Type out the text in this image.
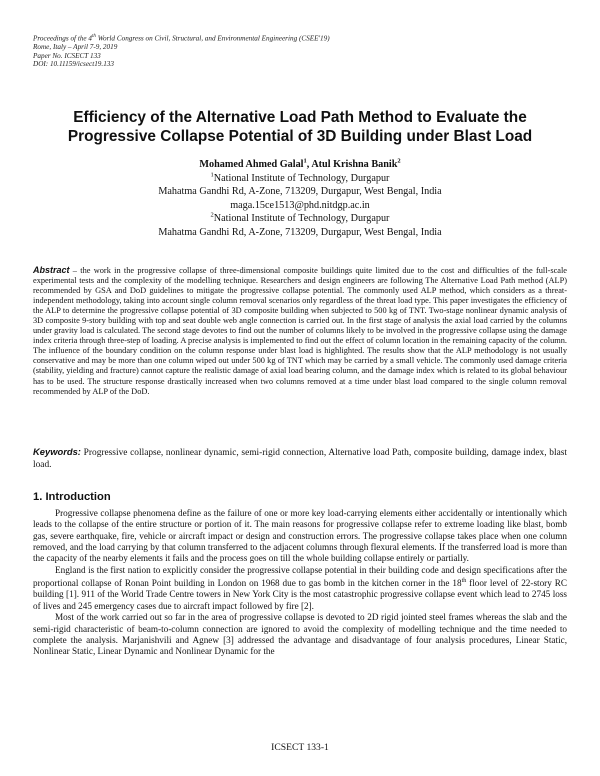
Proceedings of the 4th World Congress on Civil, Structural, and Environmental Engineering (CSEE'19)
Rome, Italy – April 7-9, 2019
Paper No. ICSECT 133
DOI: 10.11159/icsect19.133
Efficiency of the Alternative Load Path Method to Evaluate the
Progressive Collapse Potential of 3D Building under Blast Load
Mohamed Ahmed Galal$^1$, Atul Krishna Banik$^2$
$^1$National Institute of Technology, Durgapur
Mahatma Gandhi Rd, A-Zone, 713209, Durgapur, West Bengal, India
maga.15ce1513@phd.nitdgp.ac.in
$^2$National Institute of Technology, Durgapur
Mahatma Gandhi Rd, A-Zone, 713209, Durgapur, West Bengal, India
Abstract – the work in the progressive collapse of three-dimensional composite buildings quite limited due to the cost and difficulties of the full-scale experimental tests and the complexity of the modelling technique. Researchers and design engineers are following The Alternative Load Path method (ALP) recommended by GSA and DoD guidelines to mitigate the progressive collapse potential. The commonly used ALP method, which considers as a threat-independent methodology, taking into account single column removal scenarios only regardless of the threat load type. This paper investigates the efficiency of the ALP to determine the progressive collapse potential of 3D composite building when subjected to 500 kg of TNT. Two-stage nonlinear dynamic analysis of 3D composite 9-story building with top and seat double web angle connection is carried out. In the first stage of analysis the axial load carried by the columns under gravity load is calculated. The second stage devotes to find out the number of columns likely to be involved in the progressive collapse using the damage index criteria through three-step of loading. A precise analysis is implemented to find out the effect of column location in the remaining capacity of the column. The influence of the boundary condition on the column response under blast load is highlighted. The results show that the ALP methodology is not usually conservative and may be more than one column wiped out under 500 kg of TNT which may be carried by a small vehicle. The commonly used damage criteria (stability, yielding and fracture) cannot capture the realistic damage of axial load bearing column, and the damage index which is related to its global behaviour has to be used. The structure response drastically increased when two columns removed at a time under blast load compared to the single column removal recommended by ALP of the DoD.
Keywords: Progressive collapse, nonlinear dynamic, semi-rigid connection, Alternative load Path, composite building, damage index, blast load.
1. Introduction

Progressive collapse phenomena define as the failure of one or more key load-carrying elements either accidentally or intentionally which leads to the collapse of the entire structure or portion of it. The main reasons for progressive collapse refer to extreme loading like blast, bomb gas, severe earthquake, fire, vehicle or aircraft impact or design and construction errors. The progressive collapse takes place when one column removed, and the load carrying by that column transferred to the adjacent columns through flexural elements. If the transferred load is more than the capacity of the nearby elements it fails and the process goes on till the whole building collapse entirely or partially.

England is the first nation to explicitly consider the progressive collapse potential in their building code and design specifications after the proportional collapse of Ronan Point building in London on 1968 due to gas bomb in the kitchen corner in the 18th floor level of 22-story RC building [1]. 911 of the World Trade Centre towers in New York City is the most catastrophic progressive collapse event which lead to 2745 loss of lives and 245 emergency cases due to aircraft impact followed by fire [2].

Most of the work carried out so far in the area of progressive collapse is devoted to 2D rigid jointed steel frames whereas the slab and the semi-rigid characteristic of beam-to-column connection are ignored to avoid the complexity of modelling technique and the time needed to complete the analysis. Marjanishvili and Agnew [3] addressed the advantage and disadvantage of four analysis procedures, Linear Static, Nonlinear Static, Linear Dynamic and Nonlinear Dynamic for the

ICSECT 133-1
